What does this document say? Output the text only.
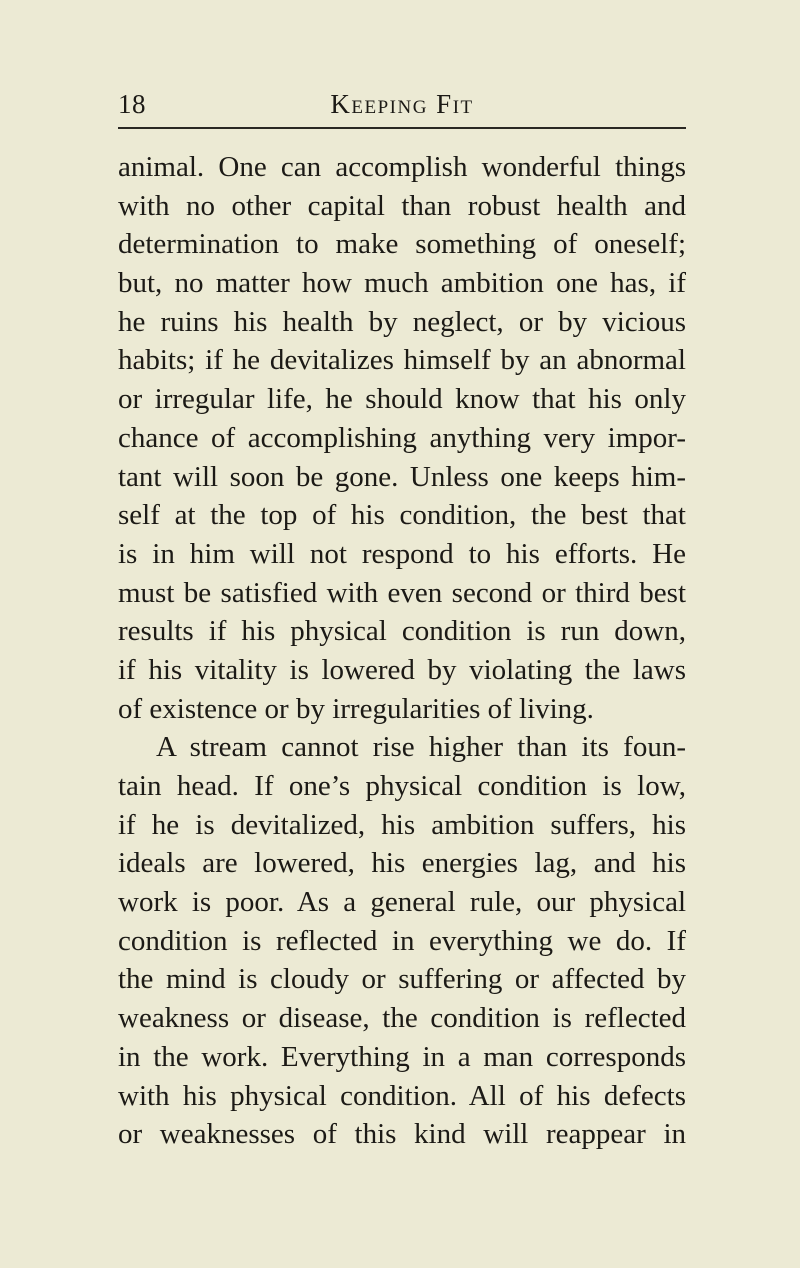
18	Keeping Fit
animal. One can accomplish wonderful things
with no other capital than robust health and
determination to make something of oneself;
but, no matter how much ambition one has, if
he ruins his health by neglect, or by vicious
habits; if he devitalizes himself by an abnormal
or irregular life, he should know that his only
chance of accomplishing anything very impor-
tant will soon be gone. Unless one keeps him-
self at the top of his condition, the best that
is in him will not respond to his efforts. He
must be satisfied with even second or third best
results if his physical condition is run down,
if his vitality is lowered by violating the laws
of existence or by irregularities of living.
A stream cannot rise higher than its foun-
tain head. If one’s physical condition is low,
if he is devitalized, his ambition suffers, his
ideals are lowered, his energies lag, and his
work is poor. As a general rule, our physical
condition is reflected in everything we do. If
the mind is cloudy or suffering or affected by
weakness or disease, the condition is reflected
in the work. Everything in a man corresponds
with his physical condition. All of his defects
or weaknesses of this kind will reappear in
